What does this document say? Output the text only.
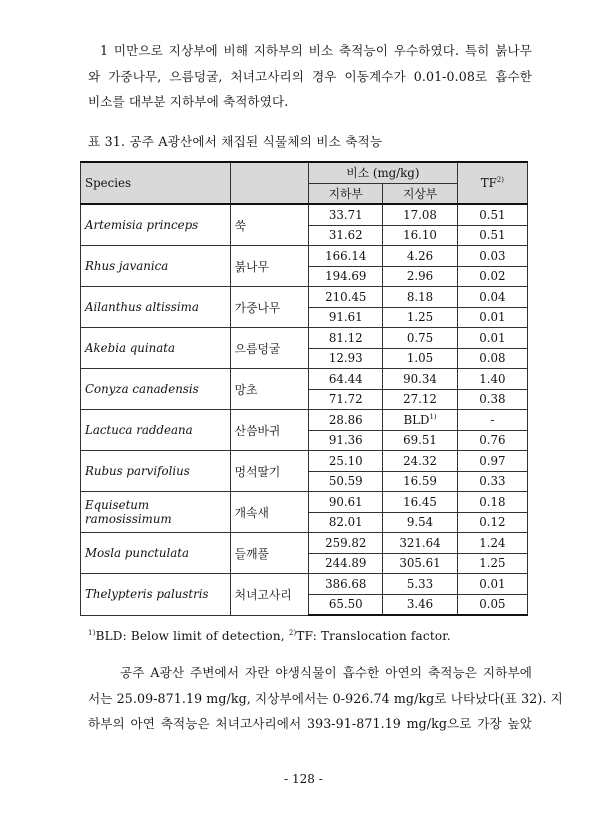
1 미만으로 지상부에 비해 지하부의 비소 축적능이 우수하였다. 특히 붉나무
와 가중나무, 으름덩굴, 처녀고사리의 경우 이동계수가 0.01-0.08로 흡수한
비소를 대부분 지하부에 축적하였다.
표 31. 공주 A광산에서 채집된 식물체의 비소 축적능
Species		비소 (mg/kg)		TF$^{2)}$
		지하부	지상부	
Artemisia princeps	쑥	33.71	17.08	0.51
		31.62	16.10	0.51
Rhus javanica	붉나무	166.14	4.26	0.03
		194.69	2.96	0.02
Ailanthus altissima	가중나무	210.45	8.18	0.04
		91.61	1.25	0.01
Akebia quinata	으름덩굴	81.12	0.75	0.01
		12.93	1.05	0.08
Conyza canadensis	망초	64.44	90.34	1.40
		71.72	27.12	0.38
Lactuca raddeana	산씀바귀	28.86	BLD$^{1)}$	-
		91.36	69.51	0.76
Rubus parvifolius	멍석딸기	25.10	24.32	0.97
		50.59	16.59	0.33
Equisetum ramosissimum	개속새	90.61	16.45	0.18
		82.01	9.54	0.12
Mosla punctulata	들깨풀	259.82	321.64	1.24
		244.89	305.61	1.25
Thelypteris palustris	처녀고사리	386.68	5.33	0.01
		65.50	3.46	0.05
$^{1)}$BLD: Below limit of detection, $^{2)}$TF: Translocation factor.
공주 A광산 주변에서 자란 야생식물이 흡수한 아연의 축적능은 지하부에
서는 25.09-871.19 mg/kg, 지상부에서는 0-926.74 mg/kg로 나타났다(표 32). 지
하부의 아연 축적능은 처녀고사리에서 393-91-871.19 mg/kg으로 가장 높았
- 128 -
